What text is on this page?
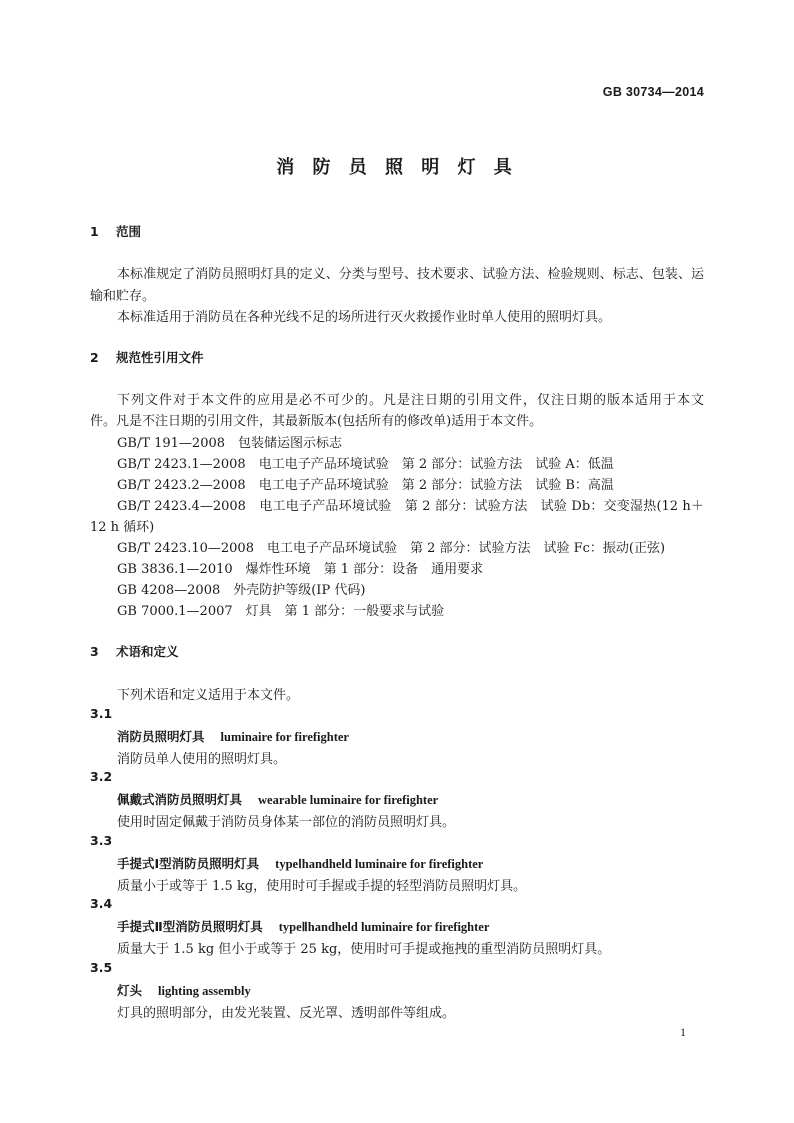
GB 30734—2014
消 防 员 照 明 灯 具
1 范围
本标准规定了消防员照明灯具的定义、分类与型号、技术要求、试验方法、检验规则、标志、包装、运
输和贮存。
本标准适用于消防员在各种光线不足的场所进行灭火救援作业时单人使用的照明灯具。
2 规范性引用文件
下列文件对于本文件的应用是必不可少的。凡是注日期的引用文件，仅注日期的版本适用于本文
件。凡是不注日期的引用文件，其最新版本(包括所有的修改单)适用于本文件。
GB/T 191—2008　包装储运图示标志
GB/T 2423.1—2008　电工电子产品环境试验　第 2 部分：试验方法　试验 A：低温
GB/T 2423.2—2008　电工电子产品环境试验　第 2 部分：试验方法　试验 B：高温
GB/T 2423.4—2008　电工电子产品环境试验　第 2 部分：试验方法　试验 Db：交变湿热(12 h＋
12 h 循环)
GB/T 2423.10—2008　电工电子产品环境试验　第 2 部分：试验方法　试验 Fc：振动(正弦)
GB 3836.1—2010　爆炸性环境　第 1 部分：设备　通用要求
GB 4208—2008　外壳防护等级(IP 代码)
GB 7000.1—2007　灯具　第 1 部分：一般要求与试验
3 术语和定义
下列术语和定义适用于本文件。
3.1
消防员照明灯具 luminaire for firefighter
消防员单人使用的照明灯具。
3.2
佩戴式消防员照明灯具 wearable luminaire for firefighter
使用时固定佩戴于消防员身体某一部位的消防员照明灯具。
3.3
手提式Ⅰ型消防员照明灯具 typeⅠhandheld luminaire for firefighter
质量小于或等于 1.5 kg，使用时可手握或手提的轻型消防员照明灯具。
3.4
手提式Ⅱ型消防员照明灯具 typeⅡhandheld luminaire for firefighter
质量大于 1.5 kg 但小于或等于 25 kg，使用时可手提或拖拽的重型消防员照明灯具。
3.5
灯头 lighting assembly
灯具的照明部分，由发光装置、反光罩、透明部件等组成。
1
